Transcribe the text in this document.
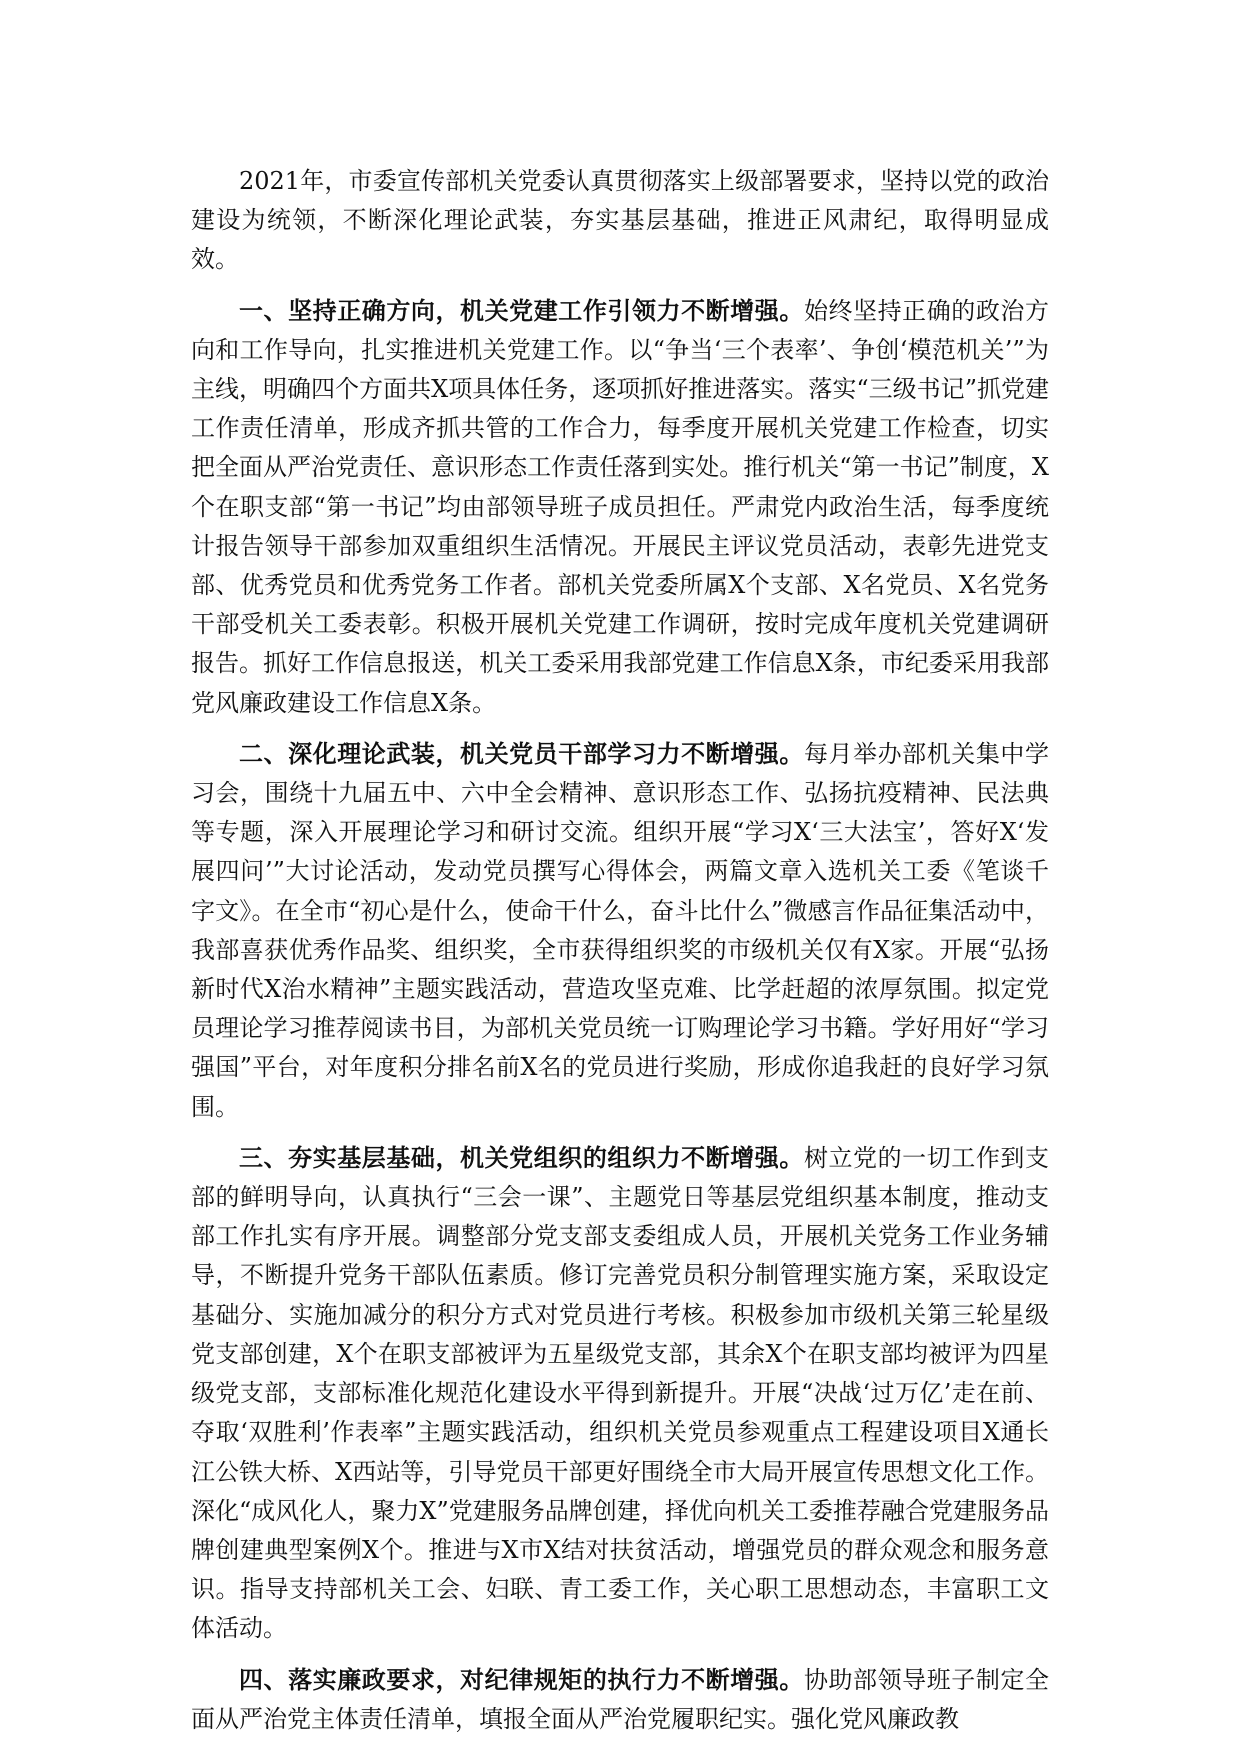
2021年，市委宣传部机关党委认真贯彻落实上级部署要求，坚持以党的政治建设为统领，不断深化理论武装，夯实基层基础，推进正风肃纪，取得明显成效。

一、坚持正确方向，机关党建工作引领力不断增强。始终坚持正确的政治方向和工作导向，扎实推进机关党建工作。以“争当‘三个表率’、争创‘模范机关’”为主线，明确四个方面共X项具体任务，逐项抓好推进落实。落实“三级书记”抓党建工作责任清单，形成齐抓共管的工作合力，每季度开展机关党建工作检查，切实把全面从严治党责任、意识形态工作责任落到实处。推行机关“第一书记”制度，X个在职支部“第一书记”均由部领导班子成员担任。严肃党内政治生活，每季度统计报告领导干部参加双重组织生活情况。开展民主评议党员活动，表彰先进党支部、优秀党员和优秀党务工作者。部机关党委所属X个支部、X名党员、X名党务干部受机关工委表彰。积极开展机关党建工作调研，按时完成年度机关党建调研报告。抓好工作信息报送，机关工委采用我部党建工作信息X条，市纪委采用我部党风廉政建设工作信息X条。

二、深化理论武装，机关党员干部学习力不断增强。每月举办部机关集中学习会，围绕十九届五中、六中全会精神、意识形态工作、弘扬抗疫精神、民法典等专题，深入开展理论学习和研讨交流。组织开展“学习X‘三大法宝’，答好X‘发展四问’”大讨论活动，发动党员撰写心得体会，两篇文章入选机关工委《笔谈千字文》。在全市“初心是什么，使命干什么，奋斗比什么”微感言作品征集活动中，我部喜获优秀作品奖、组织奖，全市获得组织奖的市级机关仅有X家。开展“弘扬新时代X治水精神”主题实践活动，营造攻坚克难、比学赶超的浓厚氛围。拟定党员理论学习推荐阅读书目，为部机关党员统一订购理论学习书籍。学好用好“学习强国”平台，对年度积分排名前X名的党员进行奖励，形成你追我赶的良好学习氛围。

三、夯实基层基础，机关党组织的组织力不断增强。树立党的一切工作到支部的鲜明导向，认真执行“三会一课”、主题党日等基层党组织基本制度，推动支部工作扎实有序开展。调整部分党支部支委组成人员，开展机关党务工作业务辅导，不断提升党务干部队伍素质。修订完善党员积分制管理实施方案，采取设定基础分、实施加减分的积分方式对党员进行考核。积极参加市级机关第三轮星级党支部创建，X个在职支部被评为五星级党支部，其余X个在职支部均被评为四星级党支部，支部标准化规范化建设水平得到新提升。开展“决战‘过万亿’走在前、夺取‘双胜利’作表率”主题实践活动，组织机关党员参观重点工程建设项目X通长江公铁大桥、X西站等，引导党员干部更好围绕全市大局开展宣传思想文化工作。深化“成风化人，聚力X”党建服务品牌创建，择优向机关工委推荐融合党建服务品牌创建典型案例X个。推进与X市X结对扶贫活动，增强党员的群众观念和服务意识。指导支持部机关工会、妇联、青工委工作，关心职工思想动态，丰富职工文体活动。

四、落实廉政要求，对纪律规矩的执行力不断增强。协助部领导班子制定全面从严治党主体责任清单，填报全面从严治党履职纪实。强化党风廉政教
